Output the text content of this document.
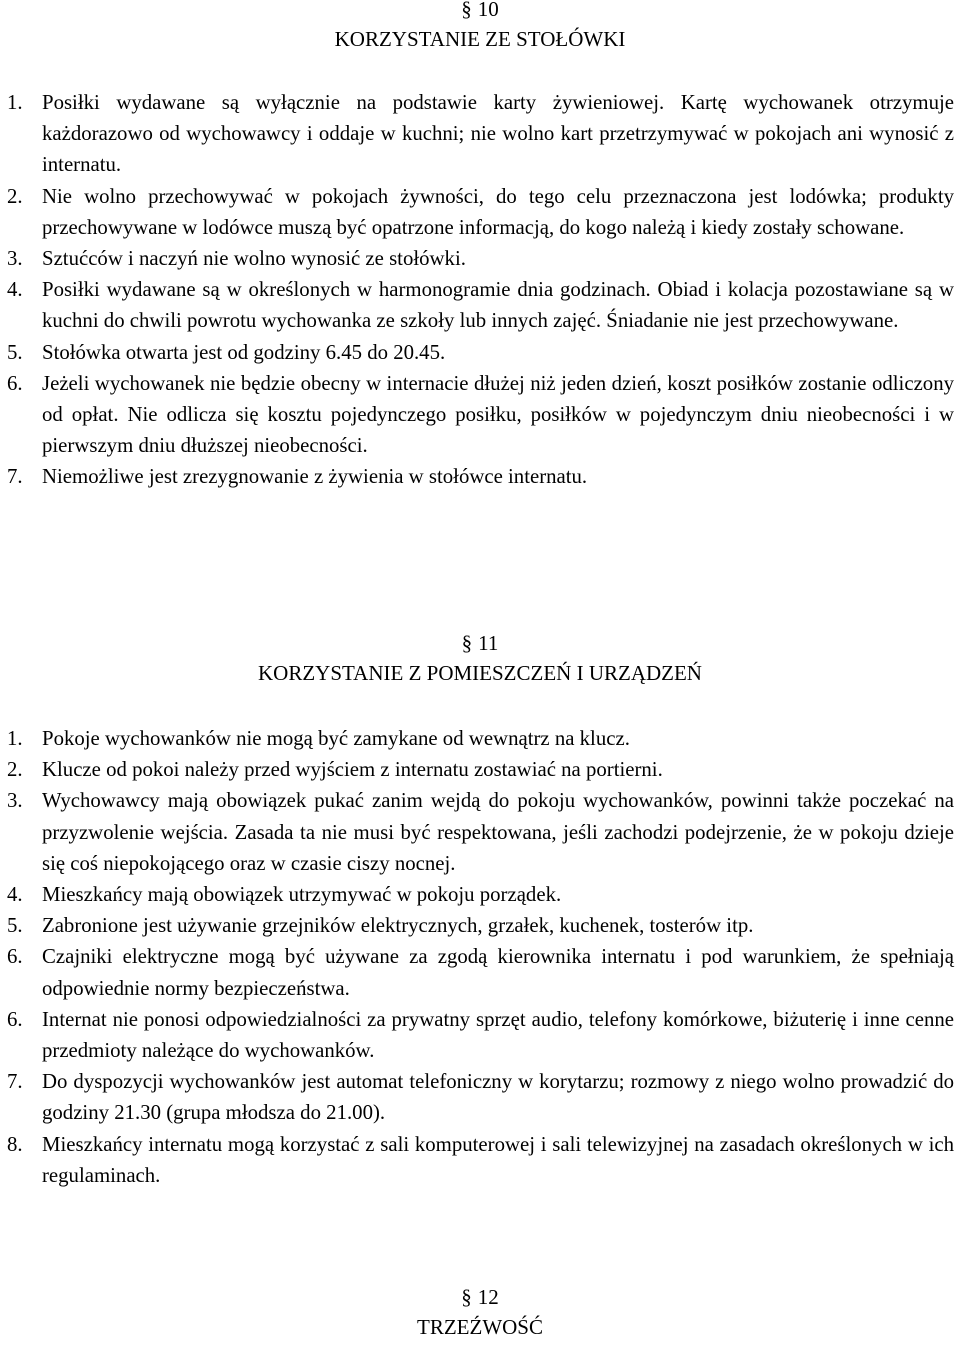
§ 10
KORZYSTANIE ZE STOŁÓWKI
1. Posiłki wydawane są wyłącznie na podstawie karty żywieniowej. Kartę wychowanek otrzymuje każdorazowo od wychowawcy i oddaje w kuchni; nie wolno kart przetrzymywać w pokojach ani wynosić z internatu.
2. Nie wolno przechowywać w pokojach żywności, do tego celu przeznaczona jest lodówka; produkty przechowywane w lodówce muszą być opatrzone informacją, do kogo należą i kiedy zostały schowane.
3. Sztućców i naczyń nie wolno wynosić ze stołówki.
4. Posiłki wydawane są w określonych w harmonogramie dnia godzinach. Obiad i kolacja pozostawiane są w kuchni do chwili powrotu wychowanka ze szkoły lub innych zajęć. Śniadanie nie jest przechowywane.
5. Stołówka otwarta jest od godziny 6.45 do 20.45.
6. Jeżeli wychowanek nie będzie obecny w internacie dłużej niż jeden dzień, koszt posiłków zostanie odliczony od opłat. Nie odlicza się kosztu pojedynczego posiłku, posiłków w pojedynczym dniu nieobecności i w pierwszym dniu dłuższej nieobecności.
7. Niemożliwe jest zrezygnowanie z żywienia w stołówce internatu.
§ 11
KORZYSTANIE Z POMIESZCZEŃ I URZĄDZEŃ
1. Pokoje wychowanków nie mogą być zamykane od wewnątrz na klucz.
2. Klucze od pokoi należy przed wyjściem z internatu zostawiać na portierni.
3. Wychowawcy mają obowiązek pukać zanim wejdą do pokoju wychowanków, powinni także poczekać na przyzwolenie wejścia. Zasada ta nie musi być respektowana, jeśli zachodzi podejrzenie, że w pokoju dzieje się coś niepokojącego oraz w czasie ciszy nocnej.
4. Mieszkańcy mają obowiązek utrzymywać w pokoju porządek.
5. Zabronione jest używanie grzejników elektrycznych, grzałek, kuchenek, tosterów itp.
6. Czajniki elektryczne mogą być używane za zgodą kierownika internatu i pod warunkiem, że spełniają odpowiednie normy bezpieczeństwa.
6. Internat nie ponosi odpowiedzialności za prywatny sprzęt audio, telefony komórkowe, biżuterię i inne cenne przedmioty należące do wychowanków.
7. Do dyspozycji wychowanków jest automat telefoniczny w korytarzu; rozmowy z niego wolno prowadzić do godziny 21.30 (grupa młodsza do 21.00).
8. Mieszkańcy internatu mogą korzystać z sali komputerowej i sali telewizyjnej na zasadach określonych w ich regulaminach.
§ 12
TRZEŹWOŚĆ
